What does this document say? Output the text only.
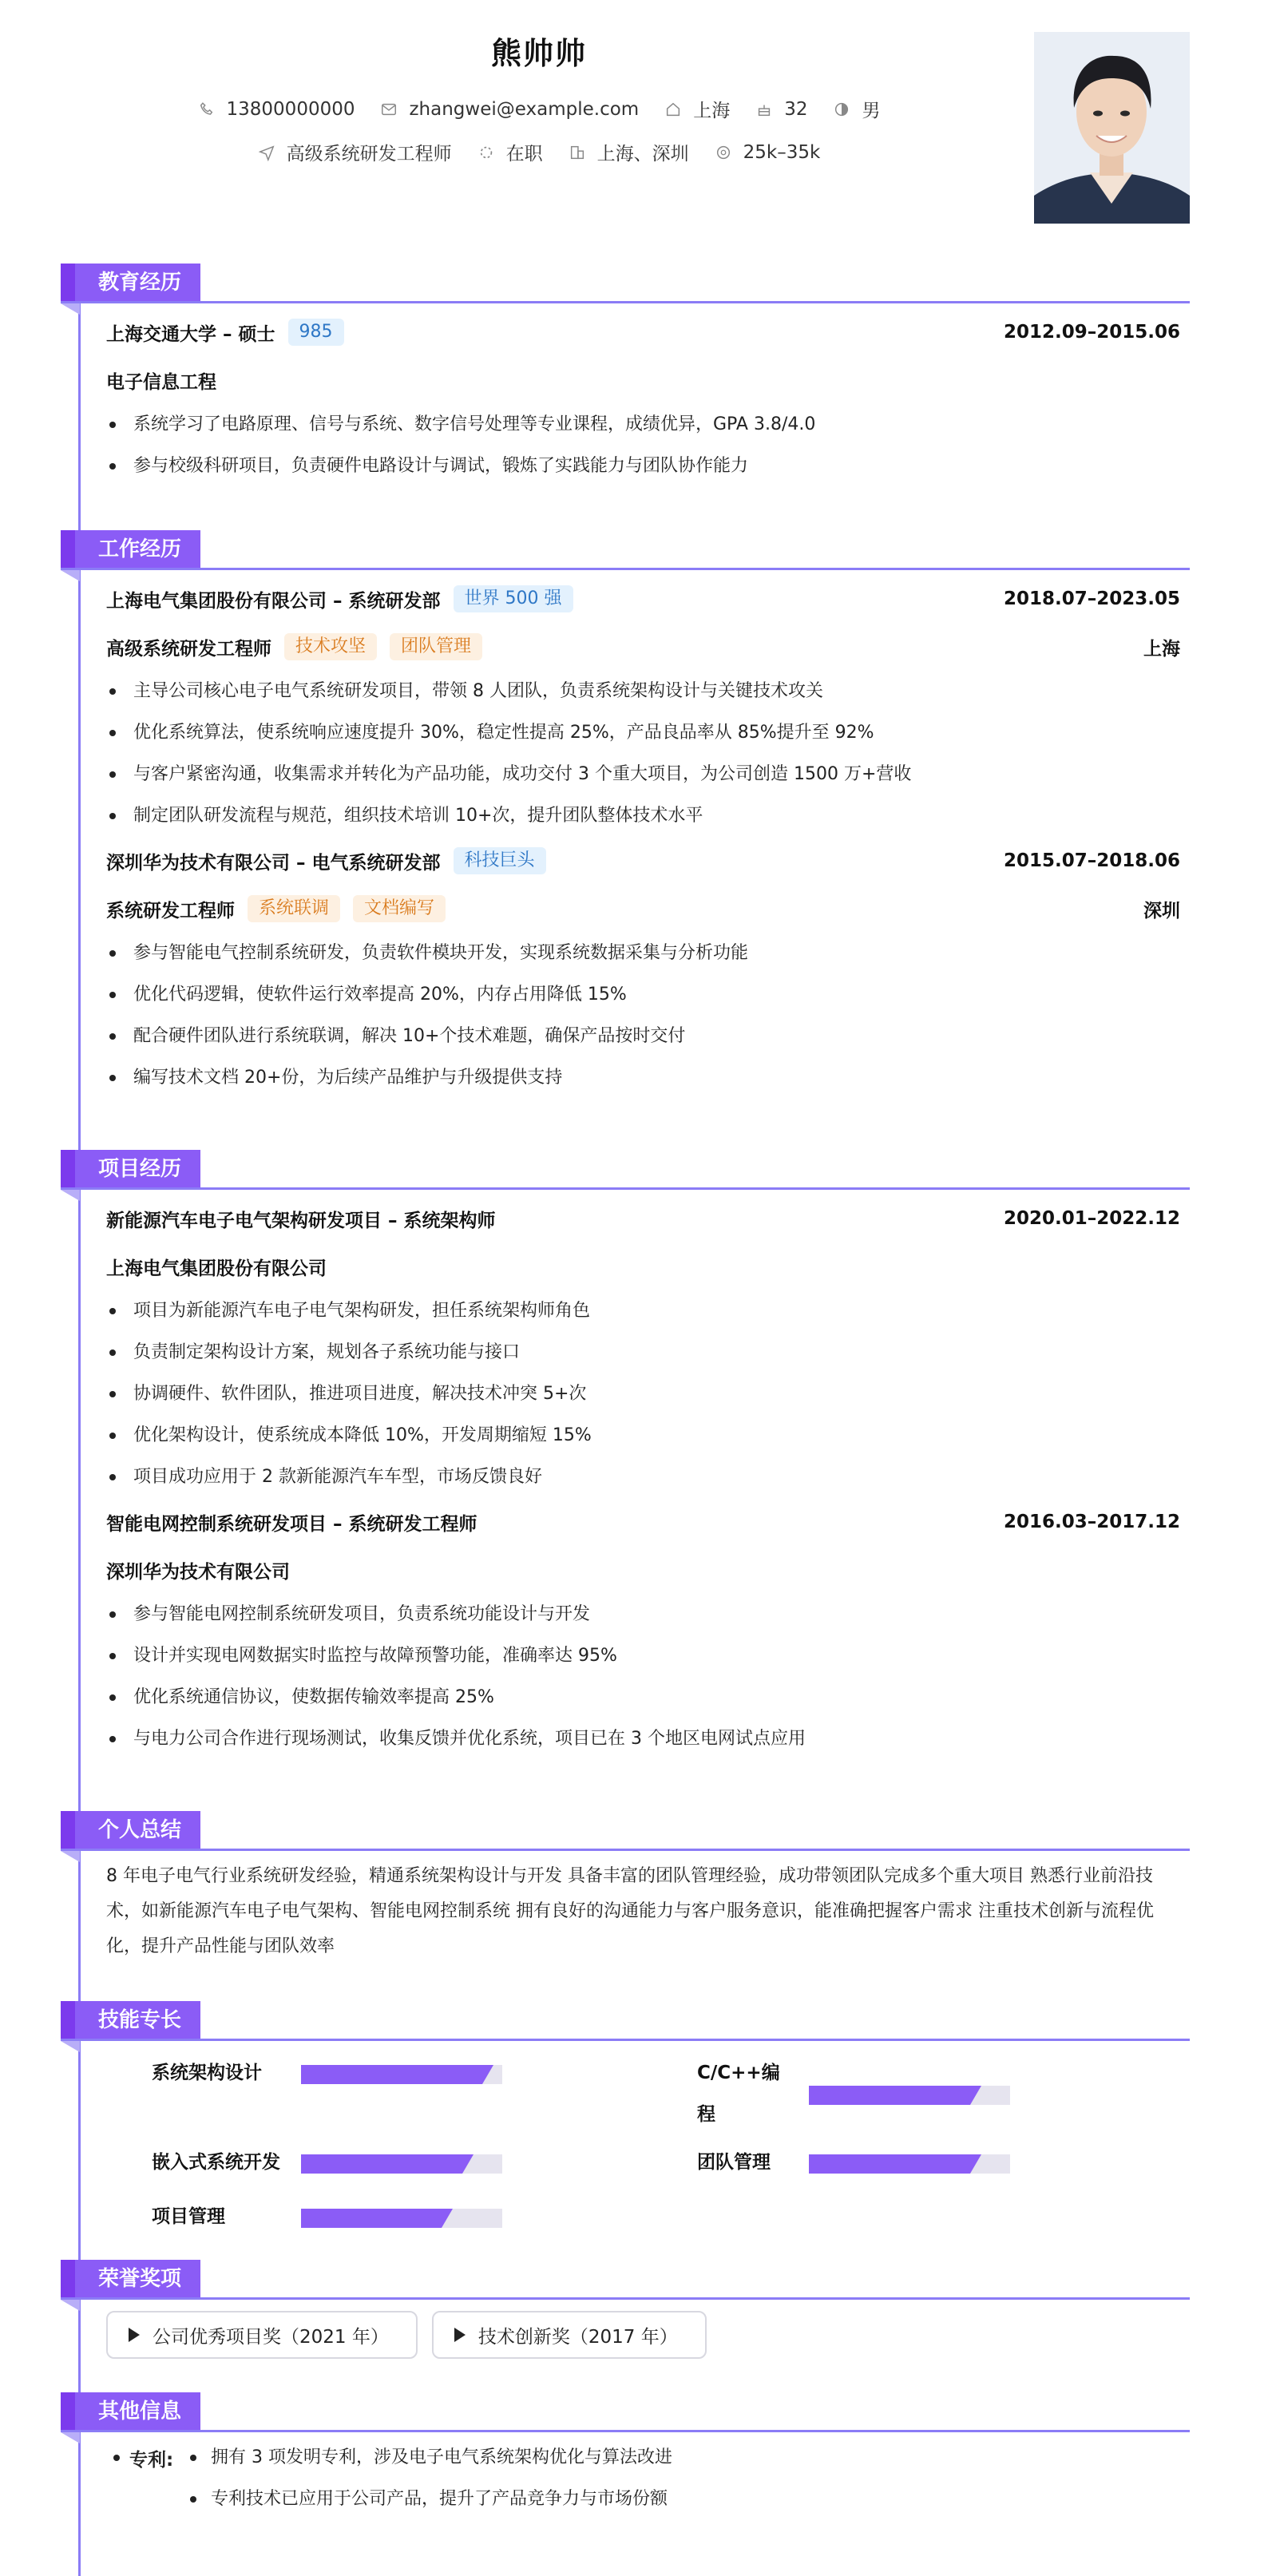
熊帅帅
13800000000	zhangwei@example.com	上海	32	男
高级系统研发工程师	在职	上海、深圳	25k–35k
教育经历
上海交通大学 – 硕士	985	2012.09–2015.06
电子信息工程
系统学习了电路原理、信号与系统、数字信号处理等专业课程，成绩优异，GPA 3.8/4.0
参与校级科研项目，负责硬件电路设计与调试，锻炼了实践能力与团队协作能力
工作经历
上海电气集团股份有限公司 – 系统研发部	世界 500 强	2018.07–2023.05
高级系统研发工程师	技术攻坚	团队管理	上海
主导公司核心电子电气系统研发项目，带领 8 人团队，负责系统架构设计与关键技术攻关
优化系统算法，使系统响应速度提升 30%，稳定性提高 25%，产品良品率从 85%提升至 92%
与客户紧密沟通，收集需求并转化为产品功能，成功交付 3 个重大项目，为公司创造 1500 万+营收
制定团队研发流程与规范，组织技术培训 10+次，提升团队整体技术水平
深圳华为技术有限公司 – 电气系统研发部	科技巨头	2015.07–2018.06
系统研发工程师	系统联调	文档编写	深圳
参与智能电气控制系统研发，负责软件模块开发，实现系统数据采集与分析功能
优化代码逻辑，使软件运行效率提高 20%，内存占用降低 15%
配合硬件团队进行系统联调，解决 10+个技术难题，确保产品按时交付
编写技术文档 20+份，为后续产品维护与升级提供支持
项目经历
新能源汽车电子电气架构研发项目 – 系统架构师	2020.01–2022.12
上海电气集团股份有限公司
项目为新能源汽车电子电气架构研发，担任系统架构师角色
负责制定架构设计方案，规划各子系统功能与接口
协调硬件、软件团队，推进项目进度，解决技术冲突 5+次
优化架构设计，使系统成本降低 10%，开发周期缩短 15%
项目成功应用于 2 款新能源汽车车型，市场反馈良好
智能电网控制系统研发项目 – 系统研发工程师	2016.03–2017.12
深圳华为技术有限公司
参与智能电网控制系统研发项目，负责系统功能设计与开发
设计并实现电网数据实时监控与故障预警功能，准确率达 95%
优化系统通信协议，使数据传输效率提高 25%
与电力公司合作进行现场测试，收集反馈并优化系统，项目已在 3 个地区电网试点应用
个人总结
8 年电子电气行业系统研发经验，精通系统架构设计与开发 具备丰富的团队管理经验，成功带领团队完成多个重大项目 熟悉行业前沿技术，如新能源汽车电子电气架构、智能电网控制系统 拥有良好的沟通能力与客户服务意识，能准确把握客户需求 注重技术创新与流程优化，提升产品性能与团队效率
技能专长
系统架构设计	C/C++编程
嵌入式系统开发	团队管理
项目管理
荣誉奖项
公司优秀项目奖（2021 年）	技术创新奖（2017 年）
其他信息
专利: 拥有 3 项发明专利，涉及电子电气系统架构优化与算法改进
专利技术已应用于公司产品，提升了产品竞争力与市场份额
